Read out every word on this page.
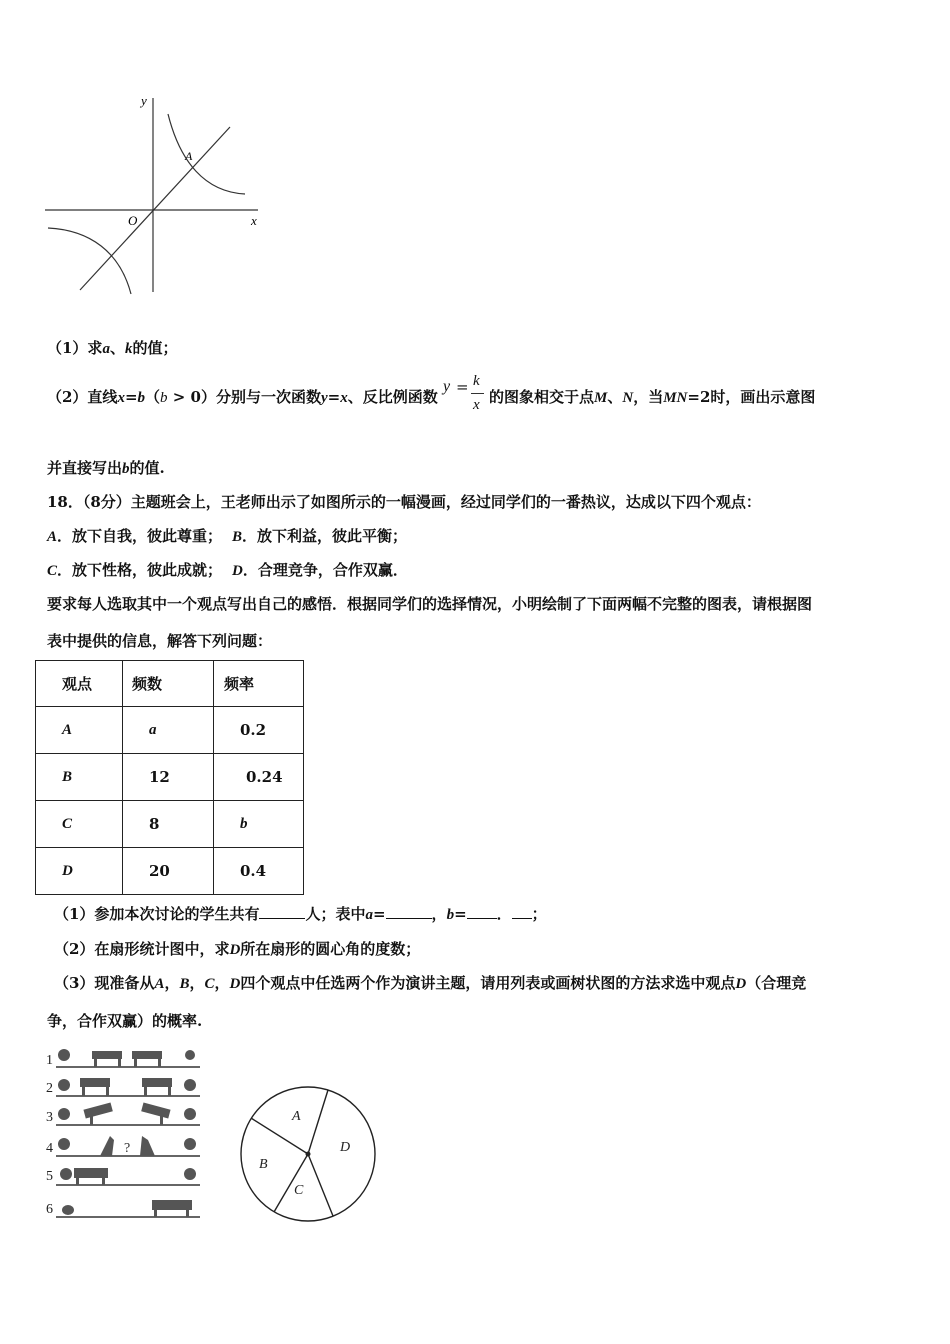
y
x
O
A
（1）求a、k的值；
（2）直线x=b（b > 0）分别与一次函数y=x、反比例函数
y = k
x 的图象相交于点M、N，当MN=2时，画出示意图
并直接写出b的值.
18．（8分）主题班会上，王老师出示了如图所示的一幅漫画，经过同学们的一番热议，达成以下四个观点：
A．放下自我，彼此尊重； B．放下利益，彼此平衡；
C．放下性格，彼此成就； D．合理竞争，合作双赢．
要求每人选取其中一个观点写出自己的感悟．根据同学们的选择情况，小明绘制了下面两幅不完整的图表，请根据图
表中提供的信息，解答下列问题：
观点	频数	频率
A	a	0.2
B	12	0.24
C	8	b
D	20	0.4
（1）参加本次讨论的学生共有	人；表中a=	，b= ． ；
（2）在扇形统计图中，求D所在扇形的圆心角的度数；
（3）现准备从A，B，C，D四个观点中任选两个作为演讲主题，请用列表或画树状图的方法求选中观点D（合理竞
争，合作双赢）的概率.
1
2
3
4
5
6
?
A
B
C
D
